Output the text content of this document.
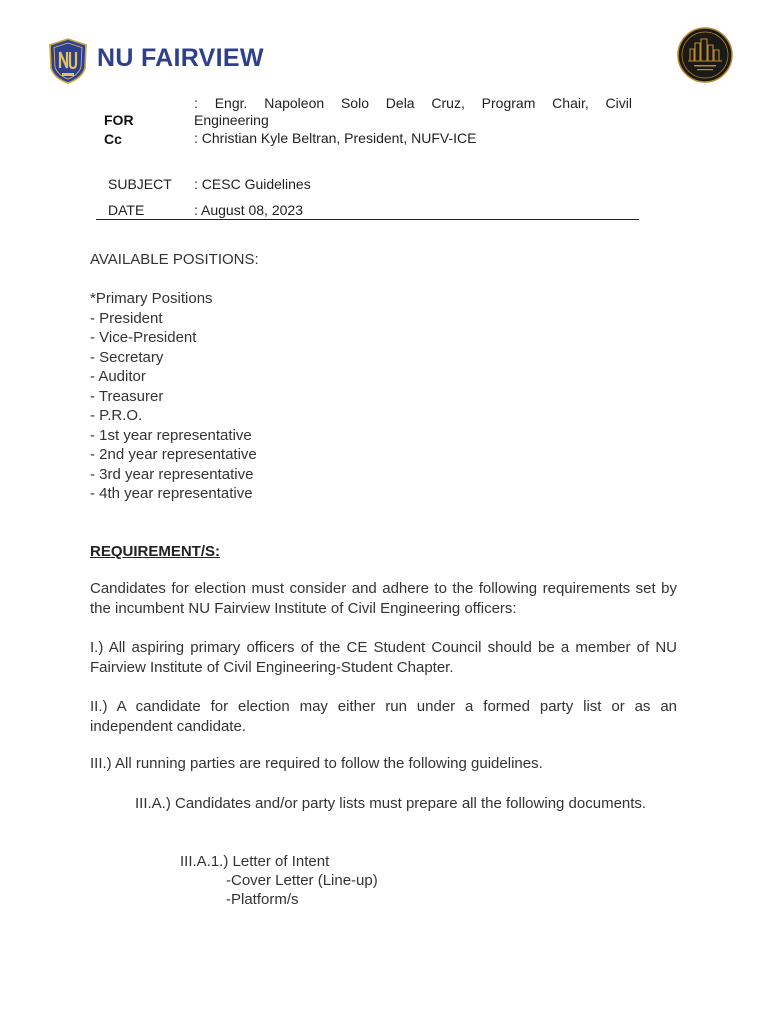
NU FAIRVIEW
FOR
Cc
: Engr. Napoleon Solo Dela Cruz, Program Chair, Civil
Engineering
: Christian Kyle Beltran, President, NUFV-ICE
SUBJECT : CESC Guidelines
DATE	: August 08, 2023
AVAILABLE POSITIONS:
*Primary Positions
- President
- Vice-President
- Secretary
- Auditor
- Treasurer
- P.R.O.
- 1st year representative
- 2nd year representative
- 3rd year representative
- 4th year representative
REQUIREMENT/S:
Candidates for election must consider and adhere to the following requirements set by the incumbent NU Fairview Institute of Civil Engineering officers:
I.) All aspiring primary officers of the CE Student Council should be a member of NU Fairview Institute of Civil Engineering-Student Chapter.
II.) A candidate for election may either run under a formed party list or as an independent candidate.
III.) All running parties are required to follow the following guidelines.
III.A.) Candidates and/or party lists must prepare all the following documents.
III.A.1.) Letter of Intent
-Cover Letter (Line-up)
-Platform/s
